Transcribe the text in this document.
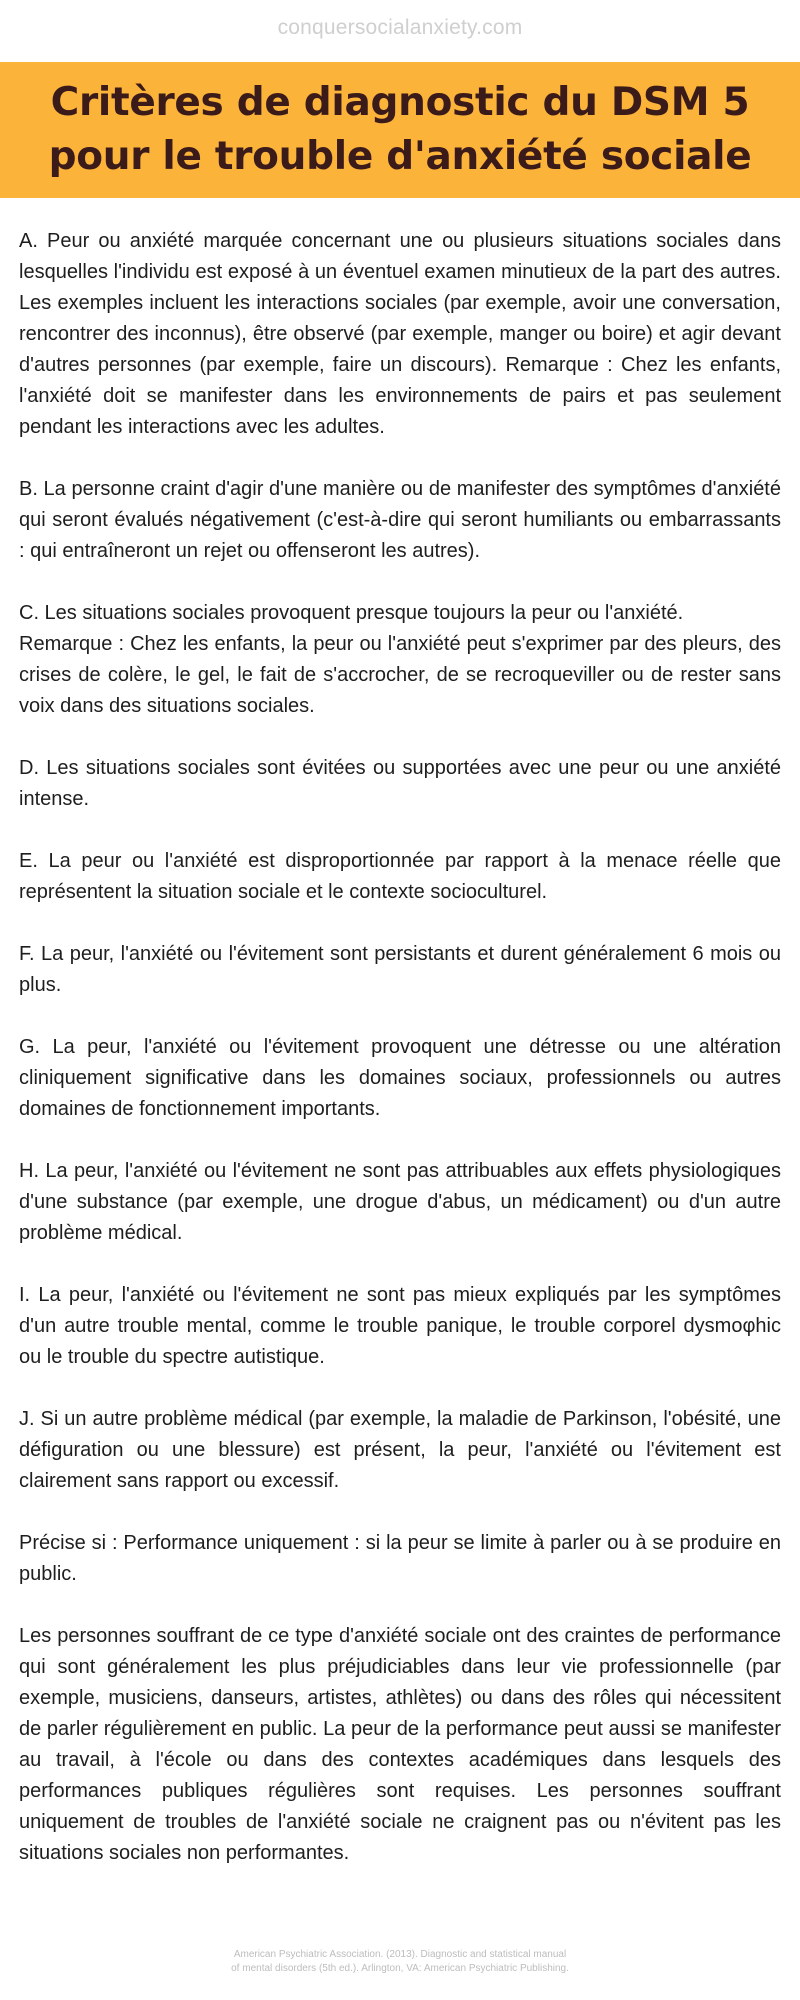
conquersocialanxiety.com
Critères de diagnostic du DSM 5
pour le trouble d'anxiété sociale

A. Peur ou anxiété marquée concernant une ou plusieurs situations sociales dans lesquelles l'individu est exposé à un éventuel examen minutieux de la part des autres. Les exemples incluent les interactions sociales (par exemple, avoir une conversation, rencontrer des inconnus), être observé (par exemple, manger ou boire) et agir devant d'autres personnes (par exemple, faire un discours). Remarque : Chez les enfants, l'anxiété doit se manifester dans les environnements de pairs et pas seulement pendant les interactions avec les adultes.

B. La personne craint d'agir d'une manière ou de manifester des symptômes d'anxiété qui seront évalués négativement (c'est-à-dire qui seront humiliants ou embarrassants : qui entraîneront un rejet ou offenseront les autres).

C. Les situations sociales provoquent presque toujours la peur ou l'anxiété.
Remarque : Chez les enfants, la peur ou l'anxiété peut s'exprimer par des pleurs, des crises de colère, le gel, le fait de s'accrocher, de se recroqueviller ou de rester sans voix dans des situations sociales.

D. Les situations sociales sont évitées ou supportées avec une peur ou une anxiété intense.

E. La peur ou l'anxiété est disproportionnée par rapport à la menace réelle que représentent la situation sociale et le contexte socioculturel.

F. La peur, l'anxiété ou l'évitement sont persistants et durent généralement 6 mois ou plus.

G. La peur, l'anxiété ou l'évitement provoquent une détresse ou une altération cliniquement significative dans les domaines sociaux, professionnels ou autres domaines de fonctionnement importants.

H. La peur, l'anxiété ou l'évitement ne sont pas attribuables aux effets physiologiques d'une substance (par exemple, une drogue d'abus, un médicament) ou d'un autre problème médical.

I. La peur, l'anxiété ou l'évitement ne sont pas mieux expliqués par les symptômes d'un autre trouble mental, comme le trouble panique, le trouble corporel dysmoφhic ou le trouble du spectre autistique.

J. Si un autre problème médical (par exemple, la maladie de Parkinson, l'obésité, une défiguration ou une blessure) est présent, la peur, l'anxiété ou l'évitement est clairement sans rapport ou excessif.

Précise si : Performance uniquement : si la peur se limite à parler ou à se produire en public.

Les personnes souffrant de ce type d'anxiété sociale ont des craintes de performance qui sont généralement les plus préjudiciables dans leur vie professionnelle (par exemple, musiciens, danseurs, artistes, athlètes) ou dans des rôles qui nécessitent de parler régulièrement en public. La peur de la performance peut aussi se manifester au travail, à l'école ou dans des contextes académiques dans lesquels des performances publiques régulières sont requises. Les personnes souffrant uniquement de troubles de l'anxiété sociale ne craignent pas ou n'évitent pas les situations sociales non performantes.

American Psychiatric Association. (2013). Diagnostic and statistical manual
of mental disorders (5th ed.). Arlington, VA: American Psychiatric Publishing.
